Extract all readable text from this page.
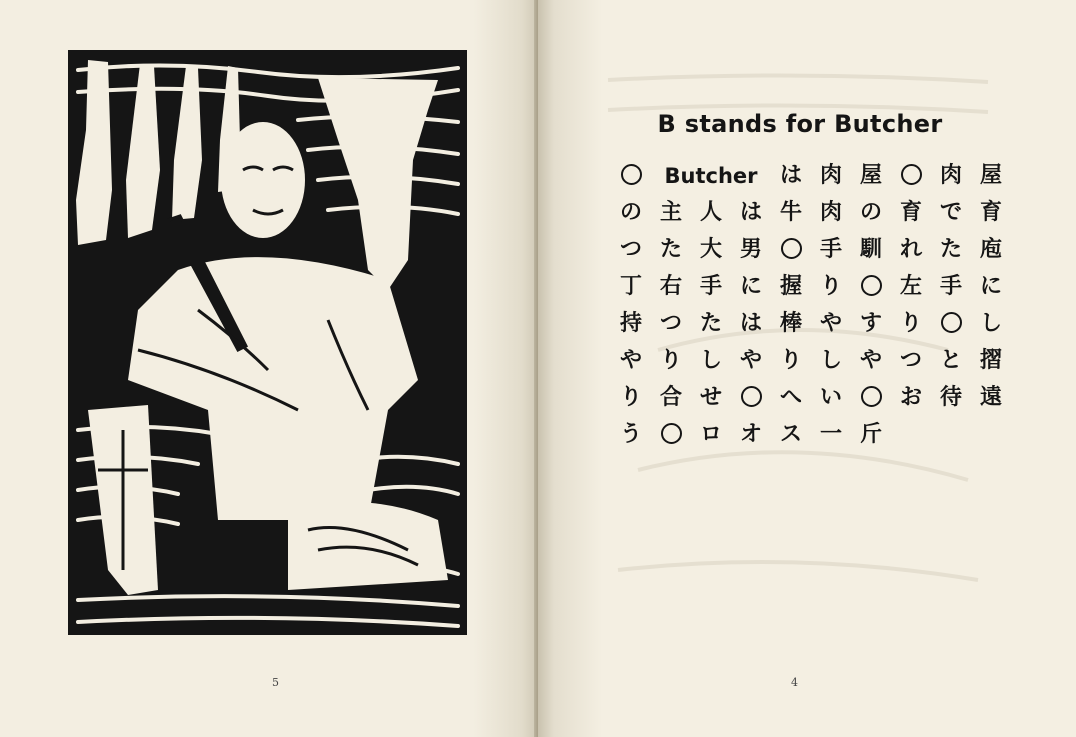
5
B stands for Butcher
Butcher	は 肉 屋 ○ 肉 屋
の 主 人 は 牛 肉 の 育 で 育
つ た 大 男 ○ 手 馴 れ た 庖
丁 右 手 に 握 り ○ 左 手 に
持 つ た は 棒 や す り ○ し
や り し や り し や つ と 摺
り 合 せ ○ へ い ○ お 待 遠
う ○ ロ オ ス 一 斤
4
